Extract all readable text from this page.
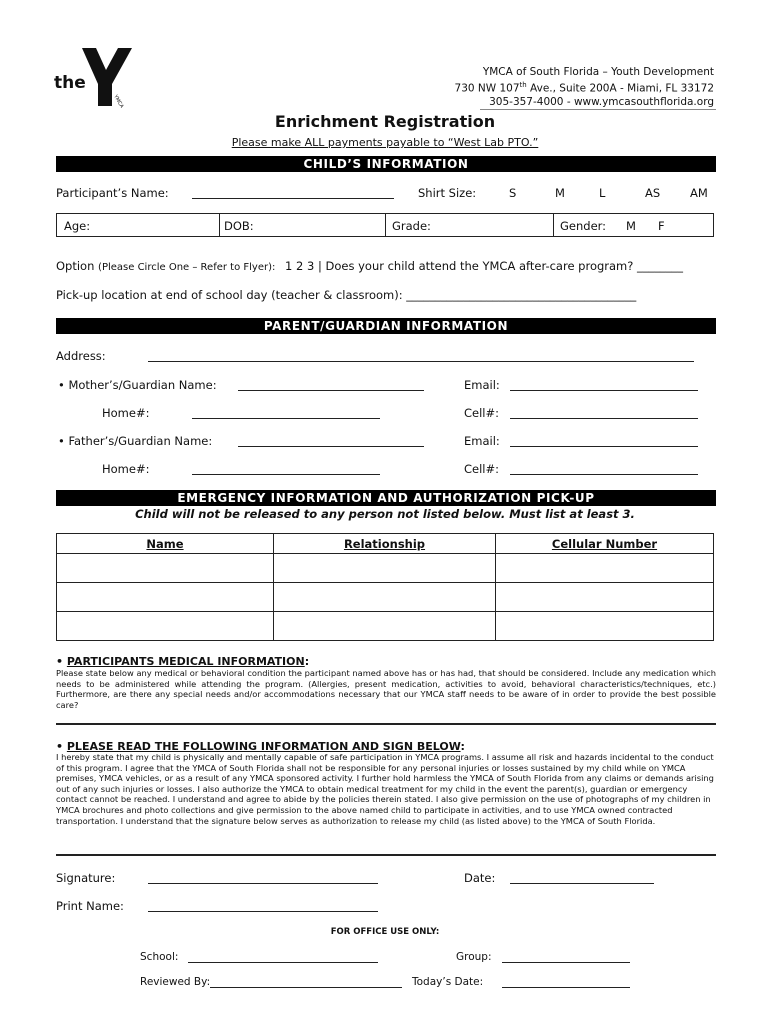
the
YMCA
YMCA of South Florida – Youth Development
730 NW 107th Ave., Suite 200A - Miami, FL 33172
305-357-4000 - www.ymcasouthflorida.org
Enrichment Registration
Please make ALL payments payable to “West Lab PTO.”
CHILD’S INFORMATION
Participant’s Name:	Shirt Size:	S	M	L	AS	AM
Age:	DOB:	Grade:	Gender: M F
Option (Please Circle One – Refer to Flyer): 1 2 3 | Does your child attend the YMCA after-care program? ________
Pick-up location at end of school day (teacher & classroom): ________________________________________
PARENT/GUARDIAN INFORMATION
Address:
• Mother’s/Guardian Name:	Email:
Home#:	Cell#:
• Father’s/Guardian Name:	Email:
Home#:	Cell#:
EMERGENCY INFORMATION AND AUTHORIZATION PICK-UP
Child will not be released to any person not listed below. Must list at least 3.
Name	Relationship	Cellular Number

• PARTICIPANTS MEDICAL INFORMATION:
Please state below any medical or behavioral condition the participant named above has or has had, that should be considered. Include any medication which needs to be administered while attending the program. (Allergies, present medication, activities to avoid, behavioral characteristics/techniques, etc.) Furthermore, are there any special needs and/or accommodations necessary that our YMCA staff needs to be aware of in order to provide the best possible care?
• PLEASE READ THE FOLLOWING INFORMATION AND SIGN BELOW:
I hereby state that my child is physically and mentally capable of safe participation in YMCA programs. I assume all risk and hazards incidental to the conduct of this program. I agree that the YMCA of South Florida shall not be responsible for any personal injuries or losses sustained by my child while on YMCA premises, YMCA vehicles, or as a result of any YMCA sponsored activity. I further hold harmless the YMCA of South Florida from any claims or demands arising out of any such injuries or losses. I also authorize the YMCA to obtain medical treatment for my child in the event the parent(s), guardian or emergency contact cannot be reached. I understand and agree to abide by the policies therein stated. I also give permission on the use of photographs of my children in YMCA brochures and photo collections and give permission to the above named child to participate in activities, and to use YMCA owned contracted transportation. I understand that the signature below serves as authorization to release my child (as listed above) to the YMCA of South Florida.
Signature:	Date:
Print Name:
FOR OFFICE USE ONLY:
School:	Group:
Reviewed By:	Today’s Date:
